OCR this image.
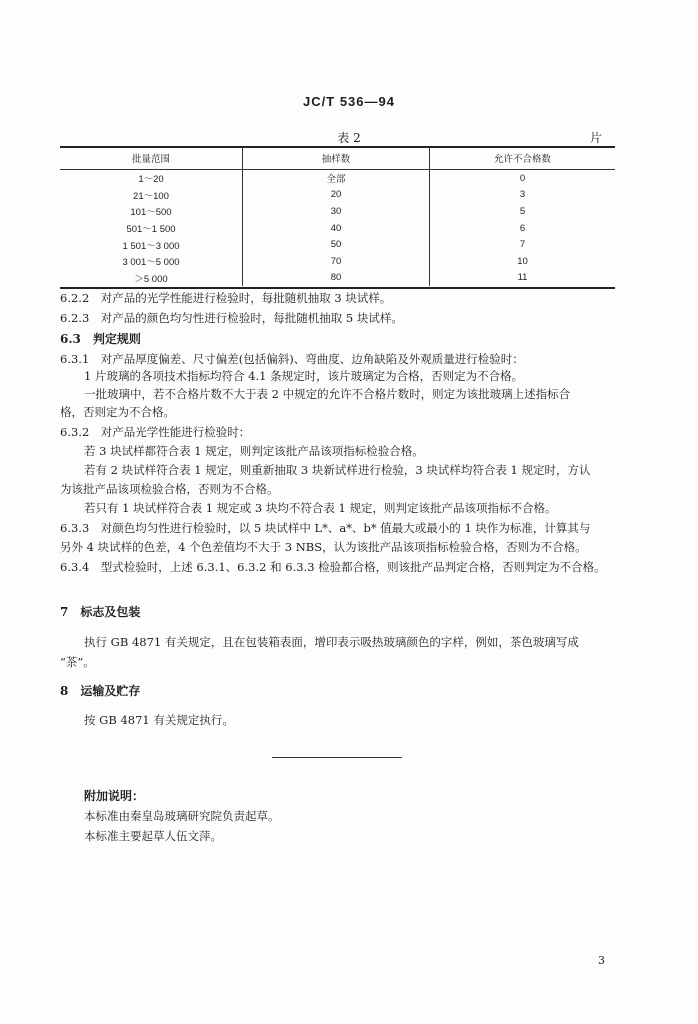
JC/T 536—94
表 2	片
批量范围	抽样数	允许不合格数
1～20	全部	0
21～100	20	3
101～500	30	5
501～1 500	40	6
1 501～3 000	50	7
3 001～5 000	70	10
＞5 000	80	11
6.2.2　对产品的光学性能进行检验时，每批随机抽取 3 块试样。
6.2.3　对产品的颜色均匀性进行检验时，每批随机抽取 5 块试样。
6.3　判定规则
6.3.1　对产品厚度偏差、尺寸偏差(包括偏斜)、弯曲度、边角缺陷及外观质量进行检验时：
1 片玻璃的各项技术指标均符合 4.1 条规定时，该片玻璃定为合格，否则定为不合格。
一批玻璃中，若不合格片数不大于表 2 中规定的允许不合格片数时，则定为该批玻璃上述指标合
格，否则定为不合格。
6.3.2　对产品光学性能进行检验时：
若 3 块试样都符合表 1 规定，则判定该批产品该项指标检验合格。
若有 2 块试样符合表 1 规定，则重新抽取 3 块新试样进行检验，3 块试样均符合表 1 规定时，方认
为该批产品该项检验合格，否则为不合格。
若只有 1 块试样符合表 1 规定或 3 块均不符合表 1 规定，则判定该批产品该项指标不合格。
6.3.3　对颜色均匀性进行检验时，以 5 块试样中 L*、a*、b* 值最大或最小的 1 块作为标准，计算其与
另外 4 块试样的色差，4 个色差值均不大于 3 NBS，认为该批产品该项指标检验合格，否则为不合格。
6.3.4　型式检验时，上述 6.3.1、6.3.2 和 6.3.3 检验都合格，则该批产品判定合格，否则判定为不合格。
7　标志及包装
执行 GB 4871 有关规定，且在包装箱表面，增印表示吸热玻璃颜色的字样，例如，茶色玻璃写成
“茶”。
8　运输及贮存
按 GB 4871 有关规定执行。
附加说明：
本标准由秦皇岛玻璃研究院负责起草。
本标准主要起草人伍文萍。
3
